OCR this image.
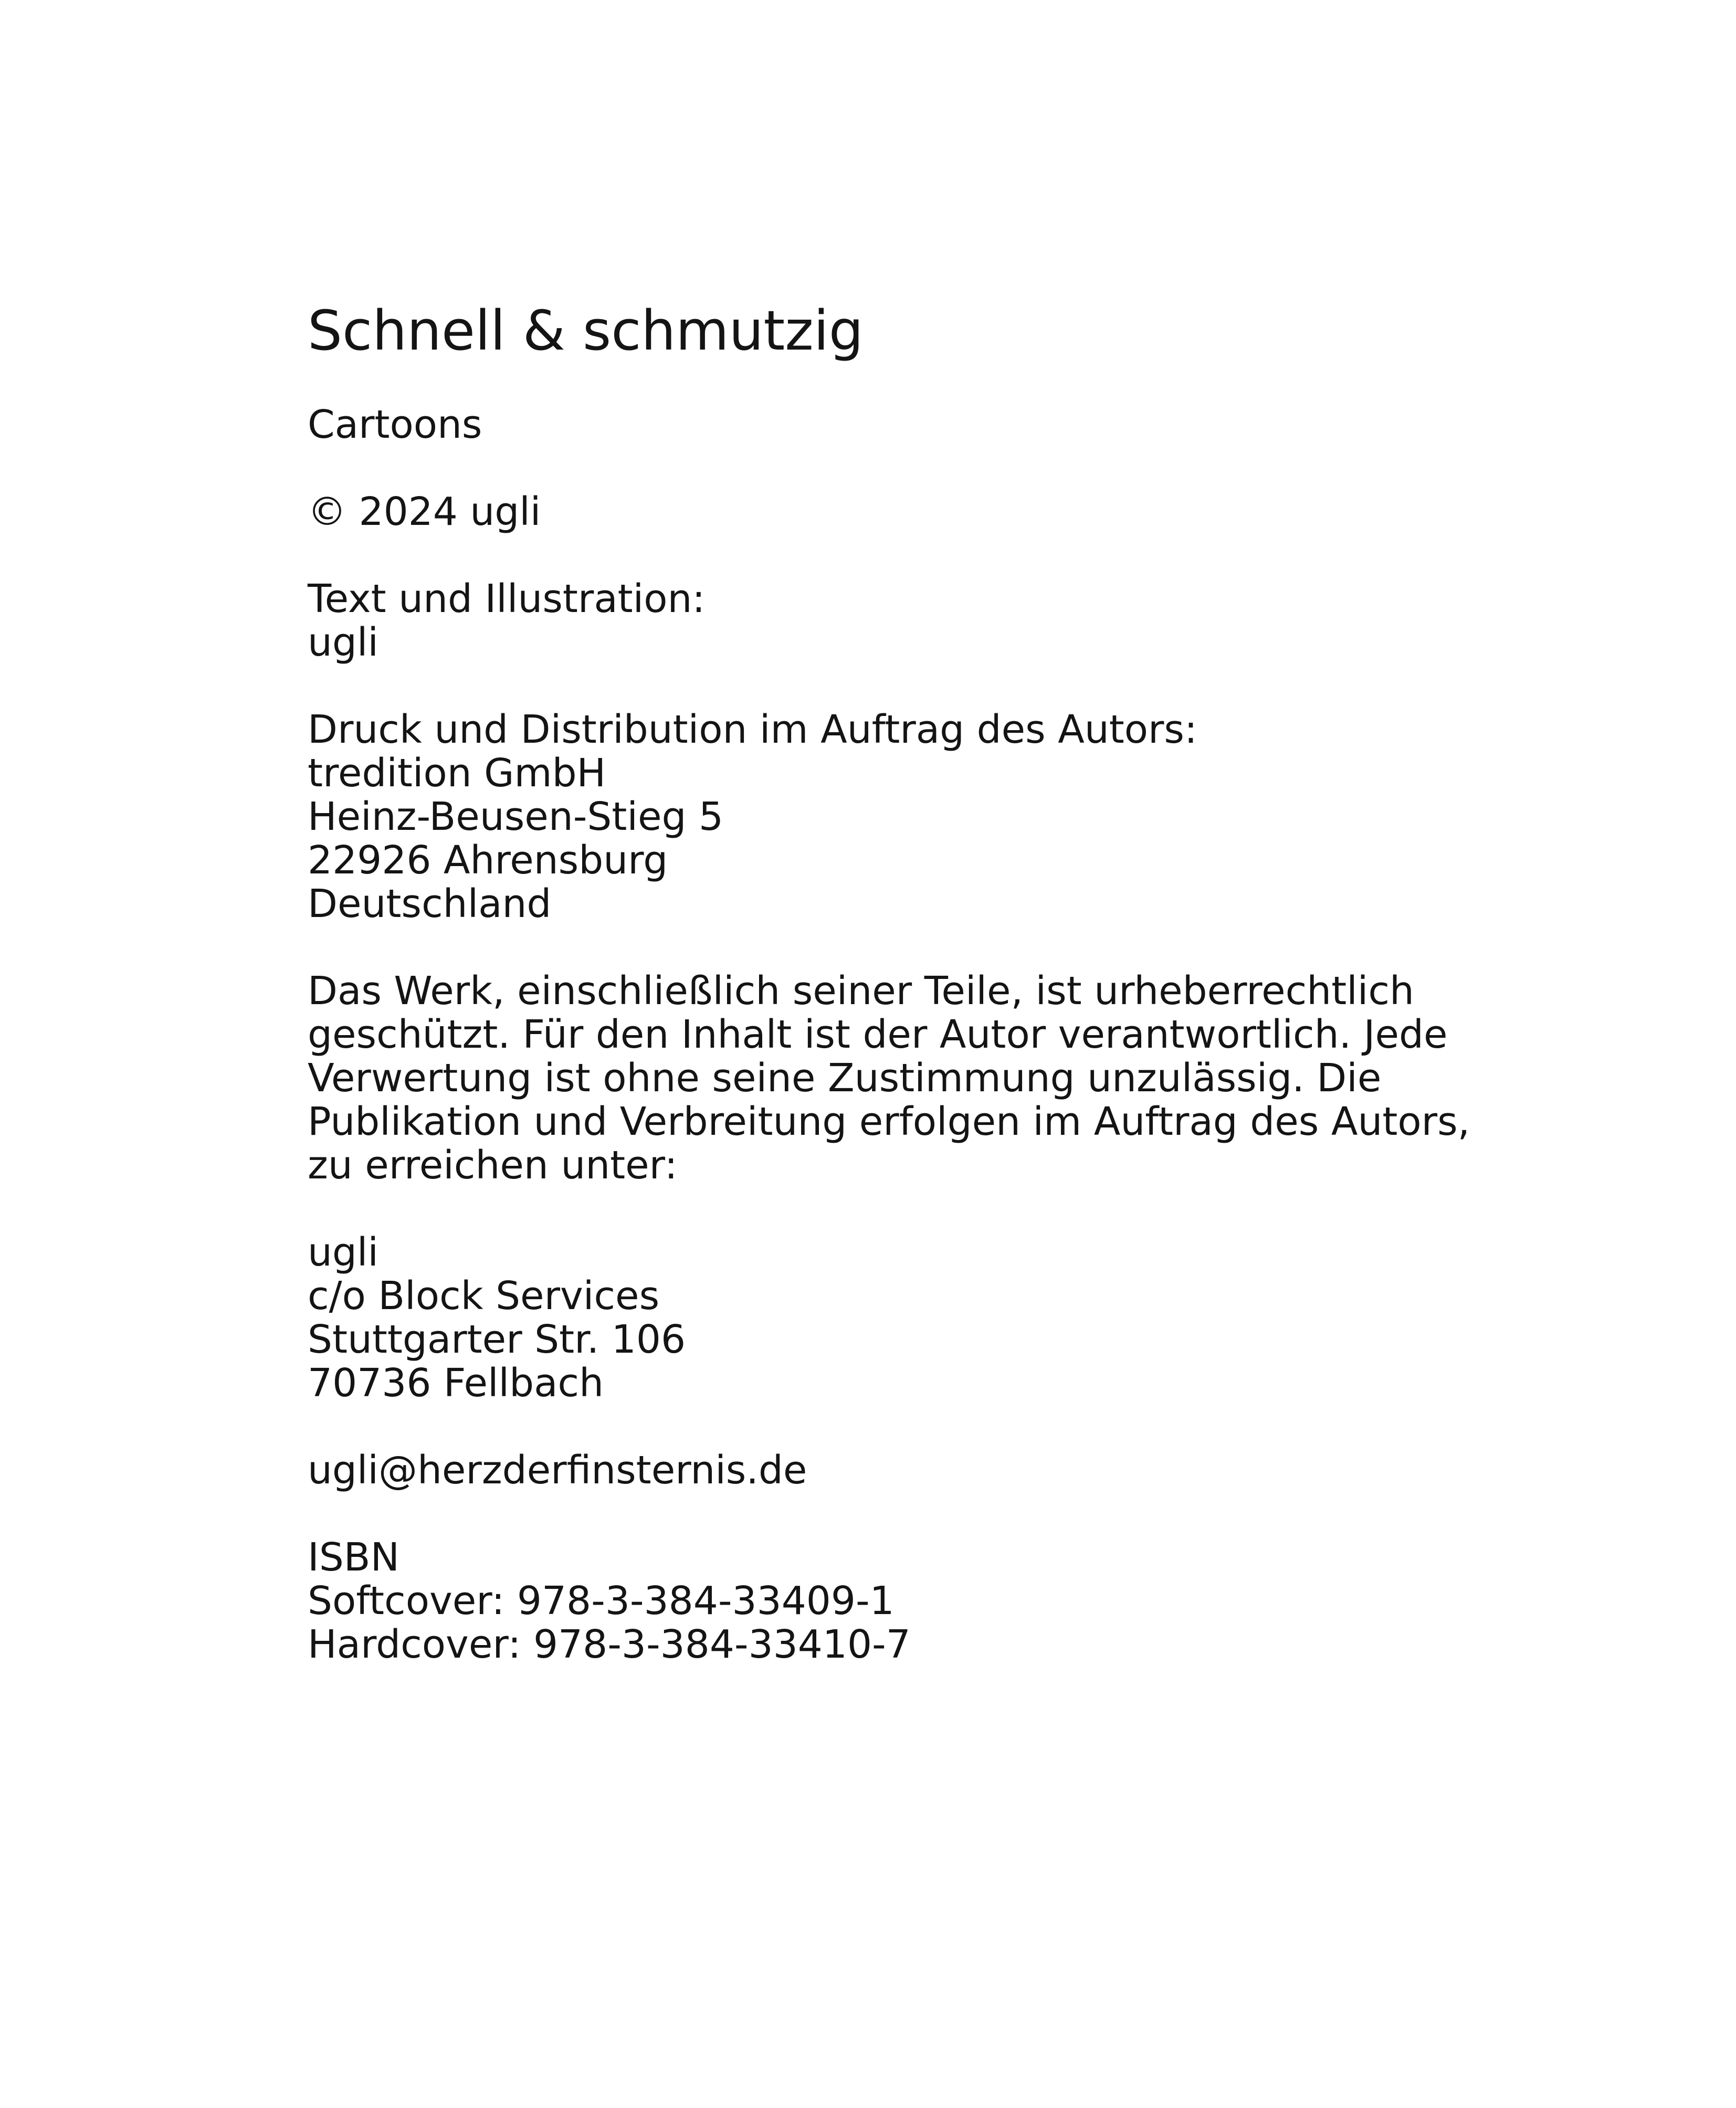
Schnell & schmutzig

Cartoons

© 2024 ugli

Text und Illustration:
ugli

Druck und Distribution im Auftrag des Autors:
tredition GmbH
Heinz-Beusen-Stieg 5
22926 Ahrensburg
Deutschland

Das Werk, einschließlich seiner Teile, ist urheberrechtlich
geschützt. Für den Inhalt ist der Autor verantwortlich. Jede
Verwertung ist ohne seine Zustimmung unzulässig. Die
Publikation und Verbreitung erfolgen im Auftrag des Autors,
zu erreichen unter:

ugli
c/o Block Services
Stuttgarter Str. 106
70736 Fellbach

ugli@herzderfinsternis.de

ISBN
Softcover: 978-3-384-33409-1
Hardcover: 978-3-384-33410-7
